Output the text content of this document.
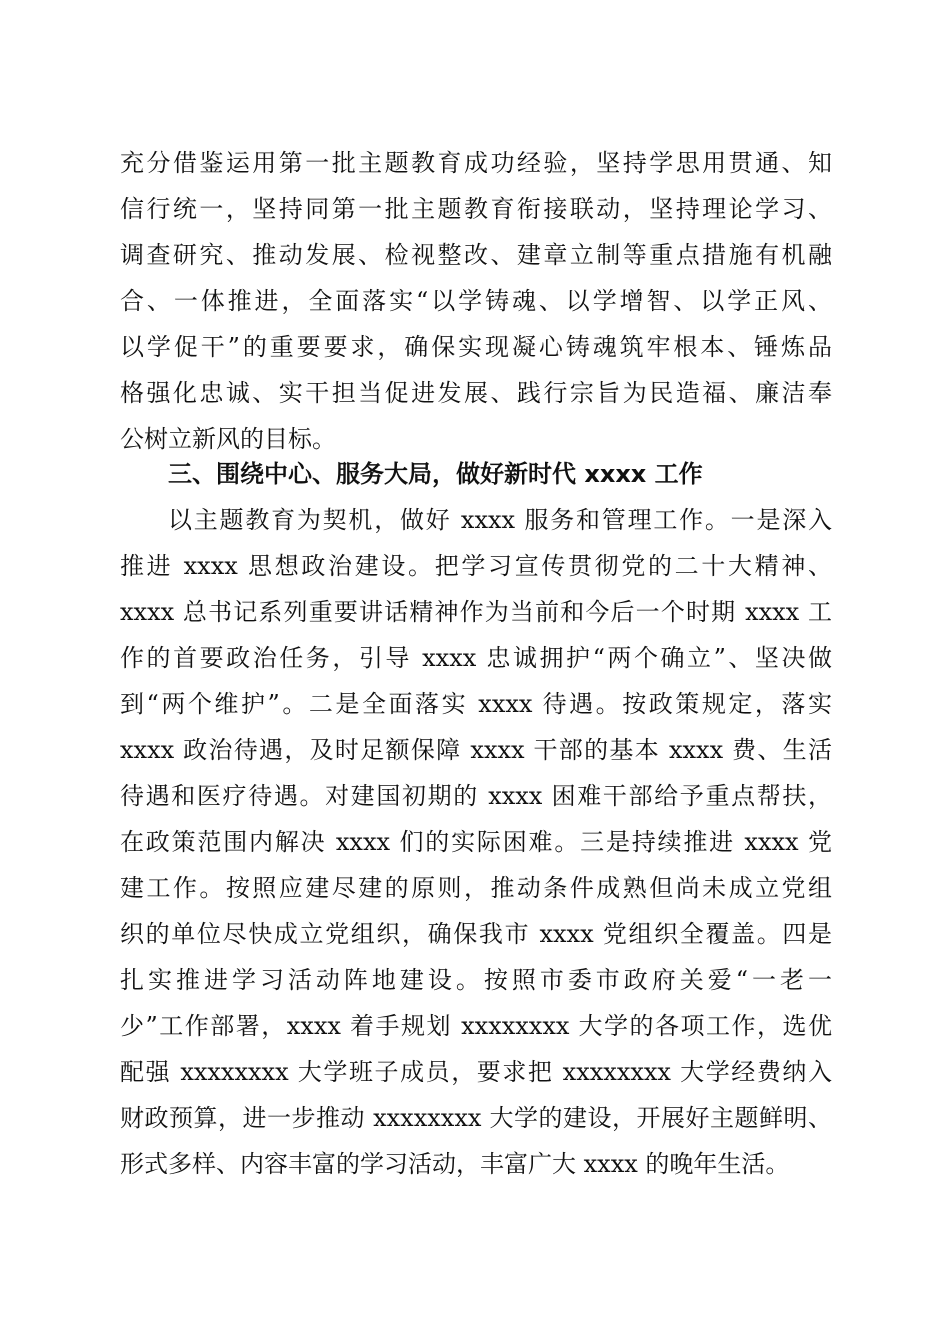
充分借鉴运用第一批主题教育成功经验，坚持学思用贯通、知
信行统一，坚持同第一批主题教育衔接联动，坚持理论学习、
调查研究、推动发展、检视整改、建章立制等重点措施有机融
合、一体推进，全面落实“以学铸魂、以学增智、以学正风、
以学促干”的重要要求，确保实现凝心铸魂筑牢根本、锤炼品
格强化忠诚、实干担当促进发展、践行宗旨为民造福、廉洁奉
公树立新风的目标。
三、围绕中心、服务大局，做好新时代 xxxx 工作
以主题教育为契机，做好 xxxx 服务和管理工作。一是深入
推进 xxxx 思想政治建设。把学习宣传贯彻党的二十大精神、
xxxx 总书记系列重要讲话精神作为当前和今后一个时期 xxxx 工
作的首要政治任务，引导 xxxx 忠诚拥护“两个确立”、坚决做
到“两个维护”。二是全面落实 xxxx 待遇。按政策规定，落实
xxxx 政治待遇，及时足额保障 xxxx 干部的基本 xxxx 费、生活
待遇和医疗待遇。对建国初期的 xxxx 困难干部给予重点帮扶，
在政策范围内解决 xxxx 们的实际困难。三是持续推进 xxxx 党
建工作。按照应建尽建的原则，推动条件成熟但尚未成立党组
织的单位尽快成立党组织，确保我市 xxxx 党组织全覆盖。四是
扎实推进学习活动阵地建设。按照市委市政府关爱“一老一
少”工作部署，xxxx 着手规划 xxxxxxxx 大学的各项工作，选优
配强 xxxxxxxx 大学班子成员，要求把 xxxxxxxx 大学经费纳入
财政预算，进一步推动 xxxxxxxx 大学的建设，开展好主题鲜明、
形式多样、内容丰富的学习活动，丰富广大 xxxx 的晚年生活。
